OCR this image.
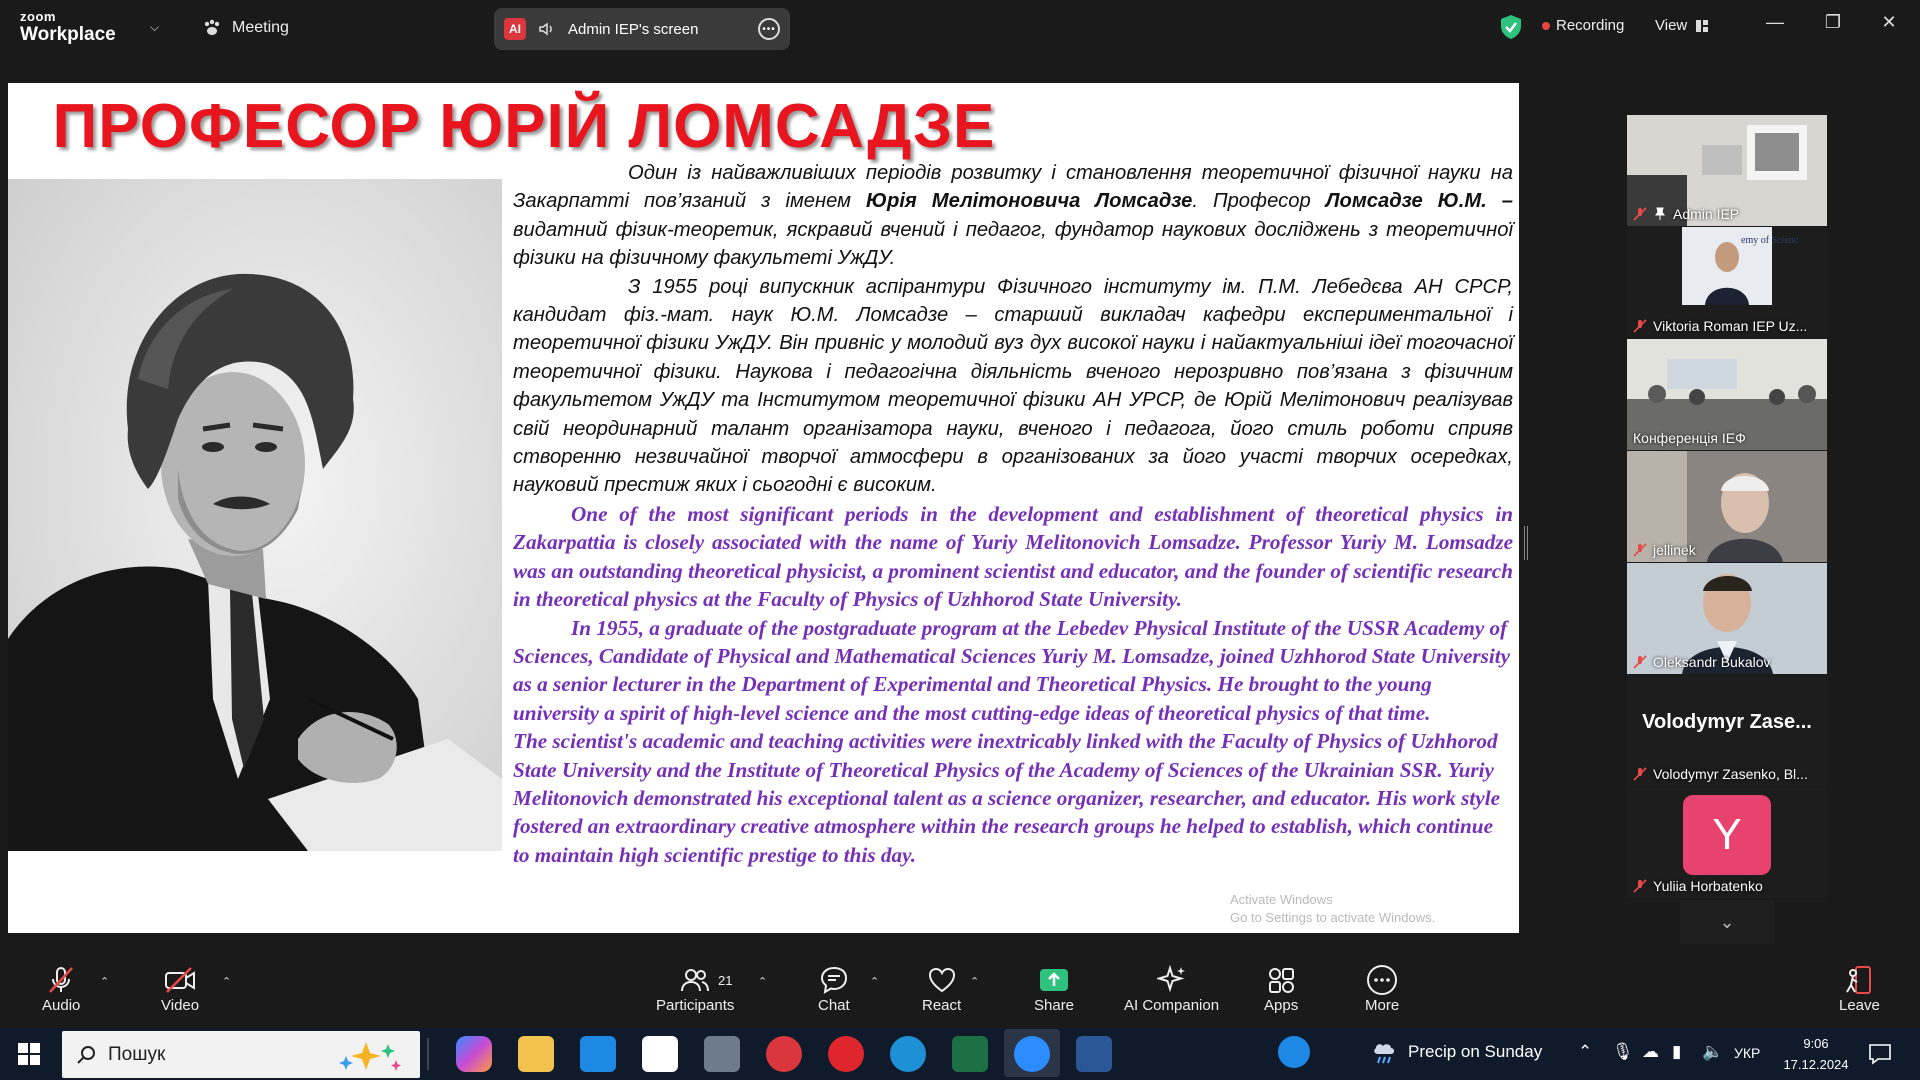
zoom
Workplace	⌵	Meeting	AI	Admin IEP's screen	•••	Recording View	—	❐	✕
ПРОФЕСОР ЮРІЙ ЛОМСАДЗЕ

Один із найважливіших періодів розвитку і становлення теоретичної фізичної науки на Закарпатті пов’язаний з іменем Юрія Мелітоновича Ломсадзе. Професор Ломсадзе Ю.М. – видатний фізик-теоретик, яскравий вчений і педагог, фундатор наукових досліджень з теоретичної фізики на фізичному факультеті УжДУ.

З 1955 році випускник аспірантури Фізичного інституту ім. П.М. Лебедєва АН СРСР, кандидат фіз.-мат. наук Ю.М. Ломсадзе – старший викладач кафедри експериментальної і теоретичної фізики УжДУ. Він привніс у молодий вуз дух високої науки і найактуальніші ідеї тогочасної теоретичної фізики. Наукова і педагогічна діяльність вченого нерозривно пов’язана з фізичним факультетом УжДУ та Інститутом теоретичної фізики АН УРСР, де Юрій Мелітонович реалізував свій неординарний талант організатора науки, вченого і педагога, його стиль роботи сприяв створенню незвичайної творчої атмосфери в організованих за його участі творчих осередках, науковий престиж яких і сьогодні є високим.

One of the most significant periods in the development and establishment of theoretical physics in Zakarpattia is closely associated with the name of Yuriy Melitonovich Lomsadze. Professor Yuriy M. Lomsadze was an outstanding theoretical physicist, a prominent scientist and educator, and the founder of scientific research in theoretical physics at the Faculty of Physics of Uzhhorod State University.

In 1955, a graduate of the postgraduate program at the Lebedev Physical Institute of the USSR Academy of Sciences, Candidate of Physical and Mathematical Sciences Yuriy M. Lomsadze, joined Uzhhorod State University as a senior lecturer in the Department of Experimental and Theoretical Physics. He brought to the young university a spirit of high-level science and the most cutting-edge ideas of theoretical physics of that time.

The scientist's academic and teaching activities were inextricably linked with the Faculty of Physics of Uzhhorod State University and the Institute of Theoretical Physics of the Academy of Sciences of the Ukrainian SSR. Yuriy Melitonovich demonstrated his exceptional talent as a science organizer, researcher, and educator. His work style fostered an extraordinary creative atmosphere within the research groups he helped to establish, which continue to maintain high scientific prestige to this day.

Activate Windows
Go to Settings to activate Windows.
Admin IEP
emy of Scienc
Viktoria Roman IEP Uz...
Конференція ІЕФ
jellinek
Oleksandr Bukalov
Volodymyr Zase...
Volodymyr Zasenko, Bl...
Y
Yuliia Horbatenko
⌄
Audio
⌃
Video
⌃
Participants
21 ⌃
Chat
⌃
React
⌃
Share	AI Companion	Apps	More	Leave
Пошук	Precip on Sunday ⌃ 🎙 ☁ ▮ 🔈 УКР
9:06
17.12.2024
